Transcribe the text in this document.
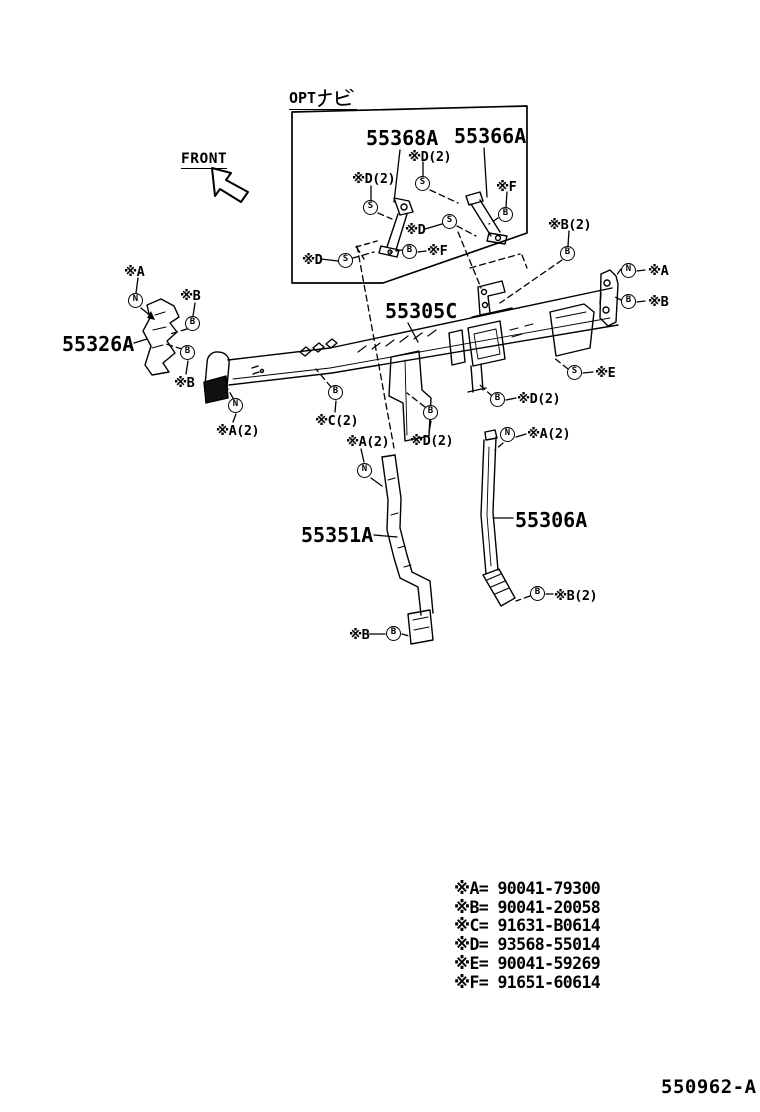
OPT
FRONT
55368A 55366A
55326A
55305C
55351A
55306A
S
※D(2)	S
※D(2)
B
※F
S
※D
B	※F
S
※D
N
※A
B
※B
B
※B
N
※A(2)
B
※B(2)
N	※A
B	※B
S	※E
B
※C(2)
B
※D(2)
B	※D(2)
N	※A(2)
N
※A(2)
B
※B
B	※B(2)
※A= 90041-79300
※B= 90041-20058
※C= 91631-B0614
※D= 93568-55014
※E= 90041-59269
※F= 91651-60614
550962-A
